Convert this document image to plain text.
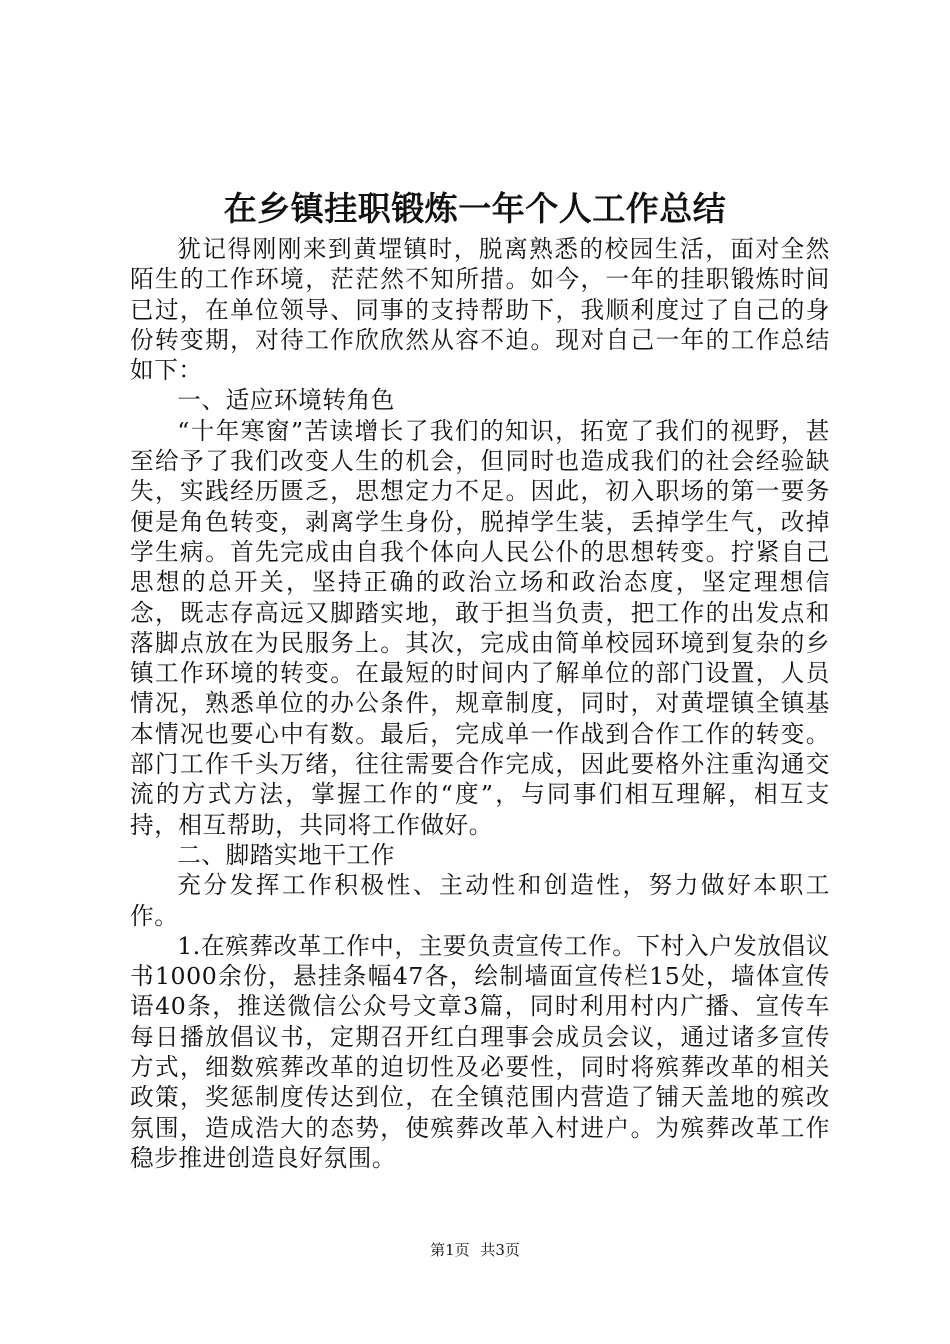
在乡镇挂职锻炼一年个人工作总结

犹记得刚刚来到黄堽镇时，脱离熟悉的校园生活，面对全然陌生的工作环境，茫茫然不知所措。如今，一年的挂职锻炼时间已过，在单位领导、同事的支持帮助下，我顺利度过了自己的身份转变期，对待工作欣欣然从容不迫。现对自己一年的工作总结如下：

一、适应环境转角色

“十年寒窗”苦读增长了我们的知识，拓宽了我们的视野，甚至给予了我们改变人生的机会，但同时也造成我们的社会经验缺失，实践经历匮乏，思想定力不足。因此，初入职场的第一要务便是角色转变，剥离学生身份，脱掉学生装，丢掉学生气，改掉学生病。首先完成由自我个体向人民公仆的思想转变。拧紧自己思想的总开关，坚持正确的政治立场和政治态度，坚定理想信念，既志存高远又脚踏实地，敢于担当负责，把工作的出发点和落脚点放在为民服务上。其次，完成由简单校园环境到复杂的乡镇工作环境的转变。在最短的时间内了解单位的部门设置，人员情况，熟悉单位的办公条件，规章制度，同时，对黄堽镇全镇基本情况也要心中有数。最后，完成单一作战到合作工作的转变。部门工作千头万绪，往往需要合作完成，因此要格外注重沟通交流的方式方法，掌握工作的“度”，与同事们相互理解，相互支持，相互帮助，共同将工作做好。

二、脚踏实地干工作

充分发挥工作积极性、主动性和创造性，努力做好本职工作。

1.在殡葬改革工作中，主要负责宣传工作。下村入户发放倡议书1000余份，悬挂条幅47各，绘制墙面宣传栏15处，墙体宣传语40条，推送微信公众号文章3篇，同时利用村内广播、宣传车每日播放倡议书，定期召开红白理事会成员会议，通过诸多宣传方式，细数殡葬改革的迫切性及必要性，同时将殡葬改革的相关政策，奖惩制度传达到位，在全镇范围内营造了铺天盖地的殡改氛围，造成浩大的态势，使殡葬改革入村进户。为殡葬改革工作稳步推进创造良好氛围。

第1页 共3页
